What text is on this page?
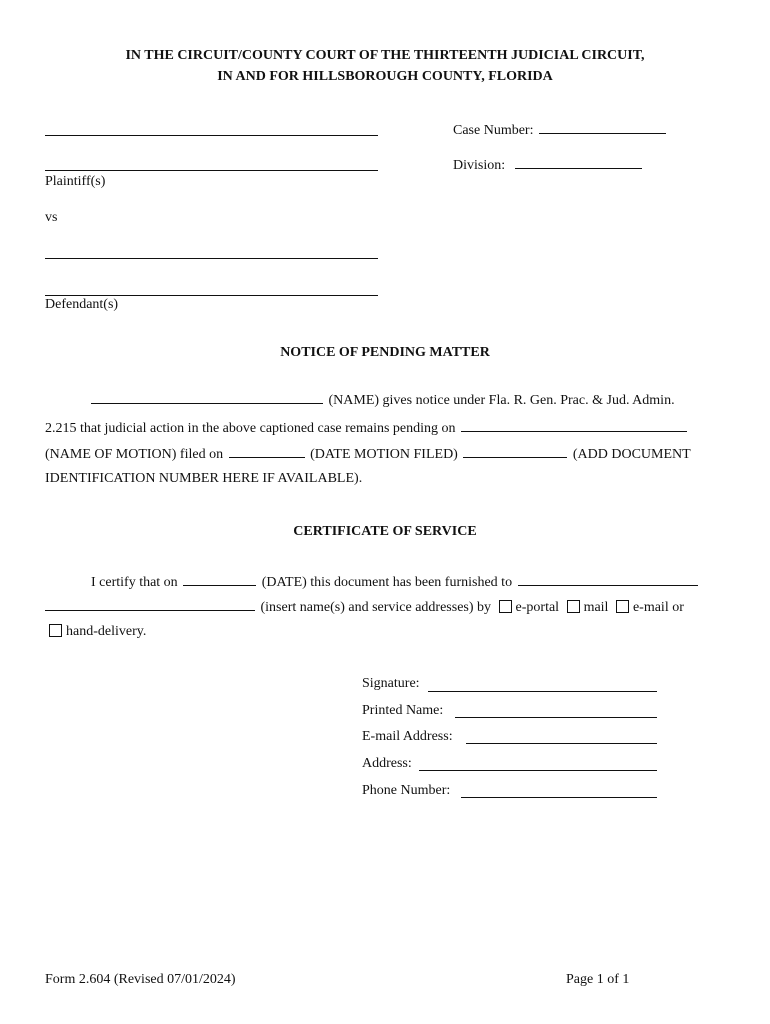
IN THE CIRCUIT/COUNTY COURT OF THE THIRTEENTH JUDICIAL CIRCUIT,
IN AND FOR HILLSBOROUGH COUNTY, FLORIDA
Plaintiff(s)
vs
Defendant(s)
Case Number:
Division:
NOTICE OF PENDING MATTER
(NAME) gives notice under Fla. R. Gen. Prac. & Jud. Admin.
2.215 that judicial action in the above captioned case remains pending on
(NAME OF MOTION) filed on	(DATE MOTION FILED)	(ADD DOCUMENT
IDENTIFICATION NUMBER HERE IF AVAILABLE).
CERTIFICATE OF SERVICE
I certify that on	(DATE) this document has been furnished to
(insert name(s) and service addresses) by e-portal mail e-mail or
hand-delivery.
Signature:
Printed Name:
E-mail Address:
Address:
Phone Number:
Form 2.604 (Revised 07/01/2024)	Page 1 of 1
